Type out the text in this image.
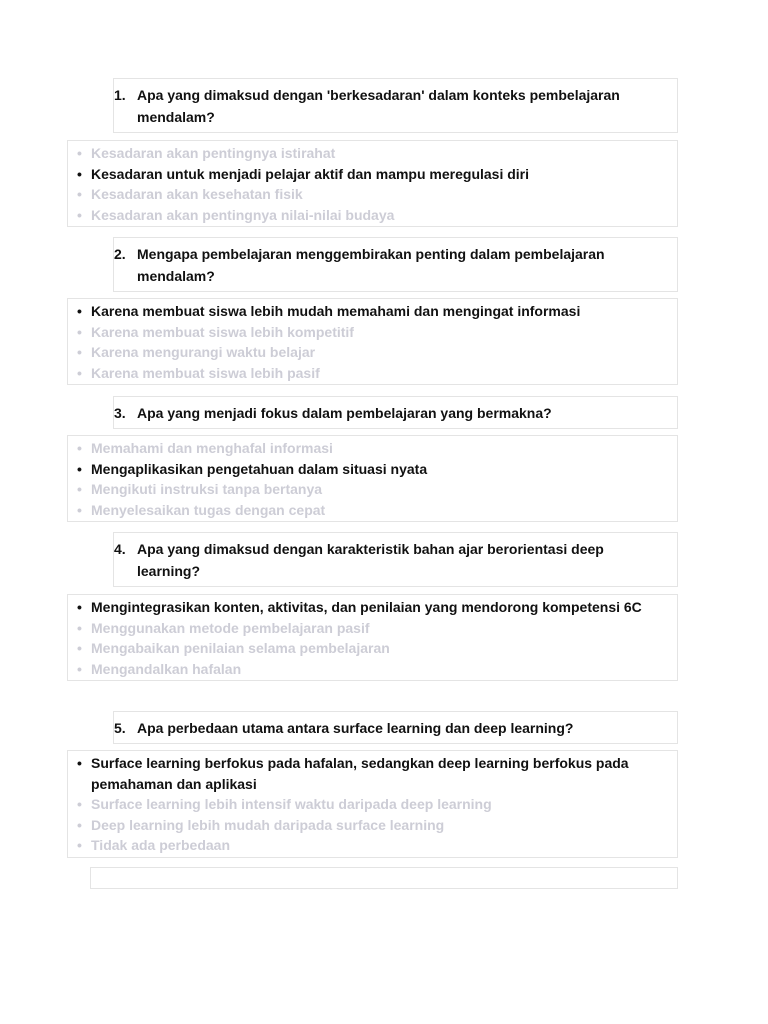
1. Apa yang dimaksud dengan 'berkesadaran' dalam konteks pembelajaran mendalam?
• Kesadaran akan pentingnya istirahat
• Kesadaran untuk menjadi pelajar aktif dan mampu meregulasi diri
• Kesadaran akan kesehatan fisik
• Kesadaran akan pentingnya nilai-nilai budaya
2. Mengapa pembelajaran menggembirakan penting dalam pembelajaran mendalam?
• Karena membuat siswa lebih mudah memahami dan mengingat informasi
• Karena membuat siswa lebih kompetitif
• Karena mengurangi waktu belajar
• Karena membuat siswa lebih pasif
3. Apa yang menjadi fokus dalam pembelajaran yang bermakna?
• Memahami dan menghafal informasi
• Mengaplikasikan pengetahuan dalam situasi nyata
• Mengikuti instruksi tanpa bertanya
• Menyelesaikan tugas dengan cepat
4. Apa yang dimaksud dengan karakteristik bahan ajar berorientasi deep learning?
• Mengintegrasikan konten, aktivitas, dan penilaian yang mendorong kompetensi 6C
• Menggunakan metode pembelajaran pasif
• Mengabaikan penilaian selama pembelajaran
• Mengandalkan hafalan
5. Apa perbedaan utama antara surface learning dan deep learning?
• Surface learning berfokus pada hafalan, sedangkan deep learning berfokus pada pemahaman dan aplikasi
• Surface learning lebih intensif waktu daripada deep learning
• Deep learning lebih mudah daripada surface learning
• Tidak ada perbedaan
